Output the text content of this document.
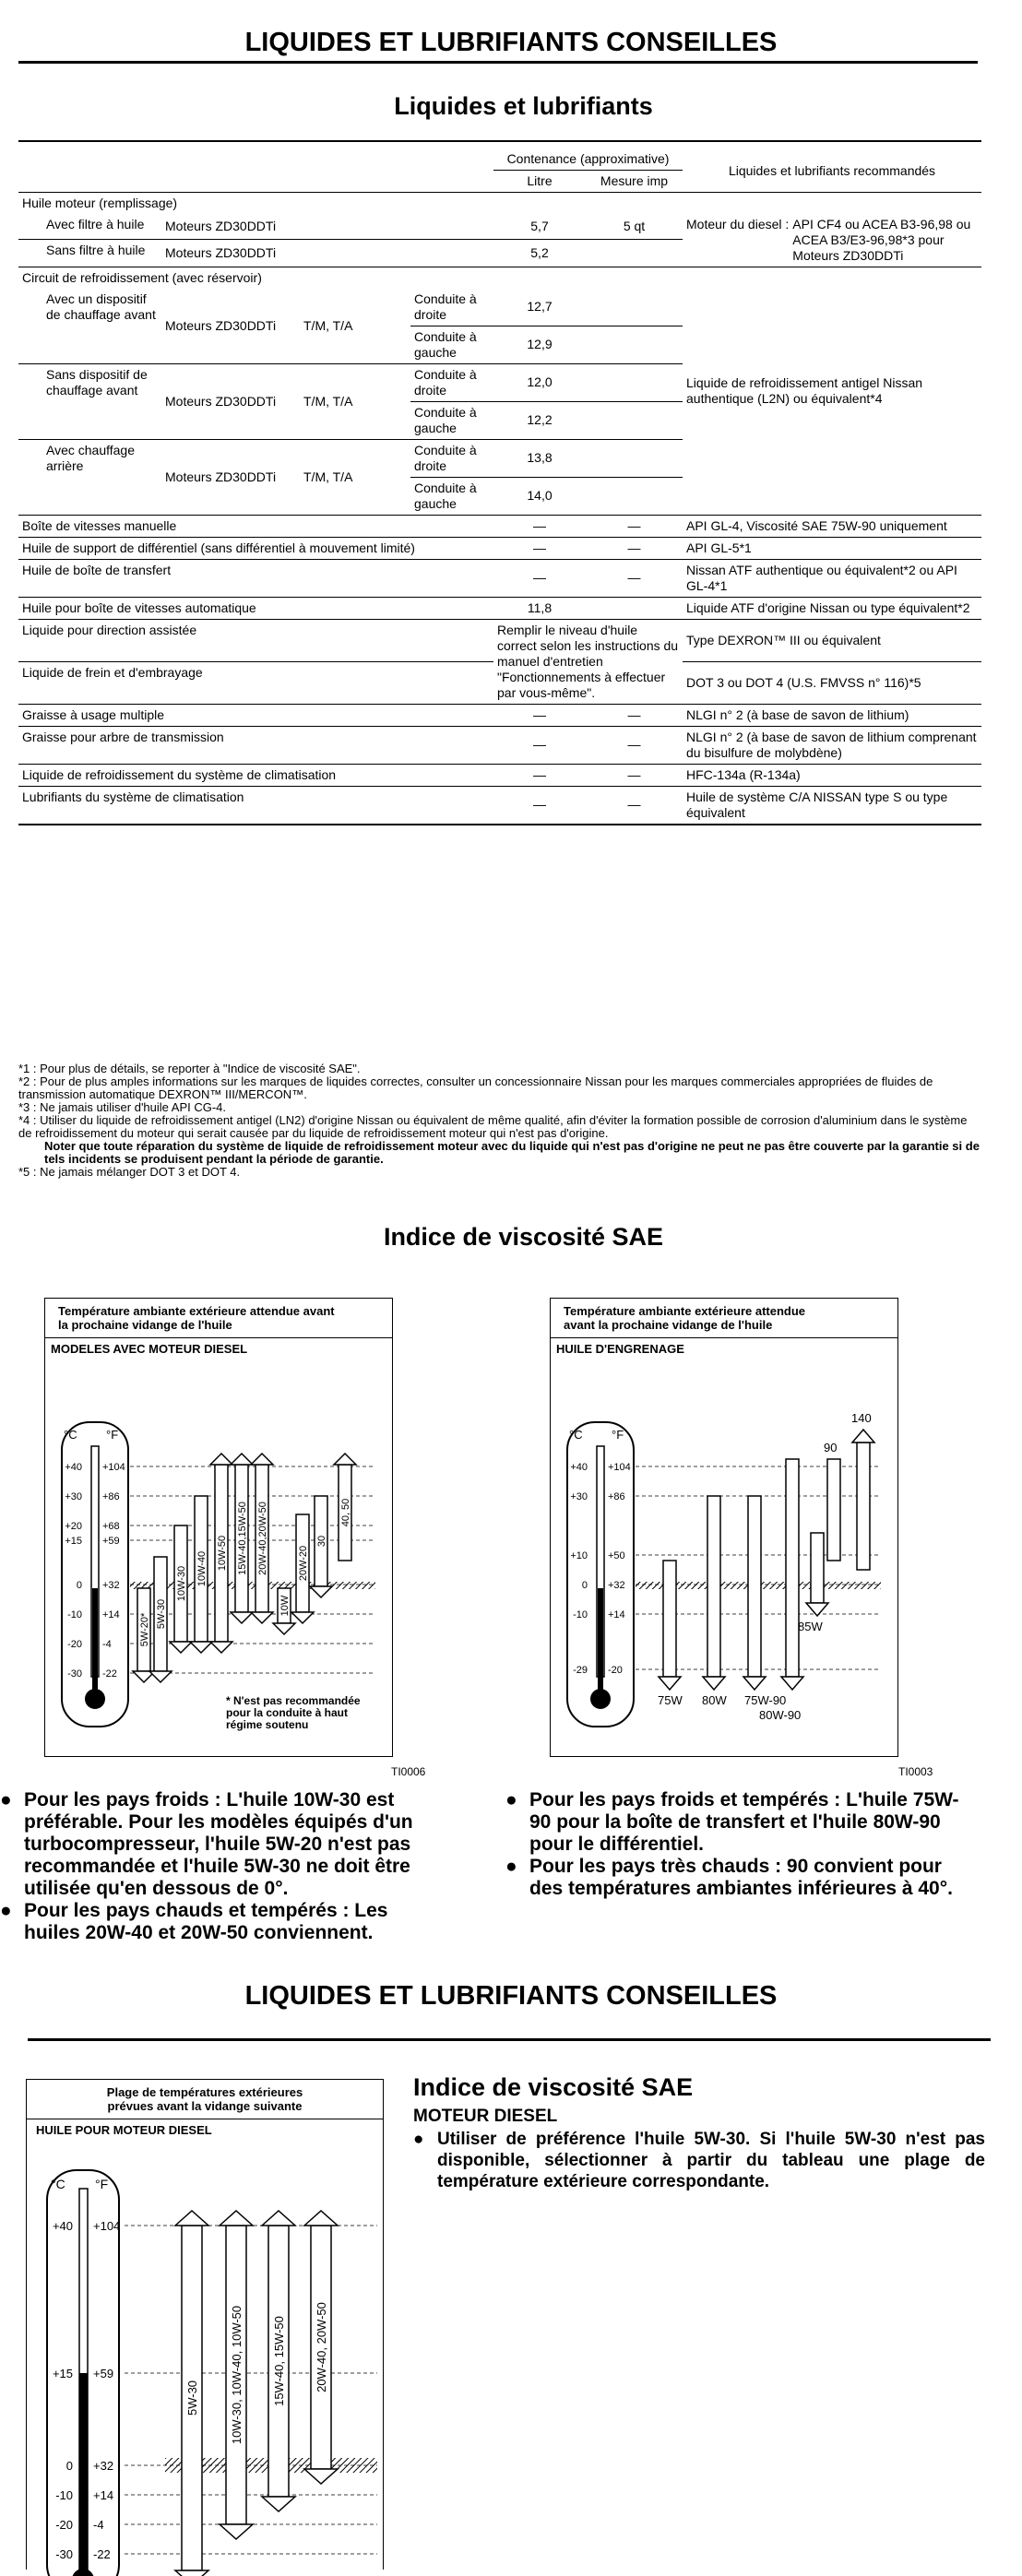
LIQUIDES ET LUBRIFIANTS CONSEILLES
Liquides et lubrifiants

				Contenance (approximative)		Liquides et lubrifiants recommandés
				Litre	Mesure imp	
Huile moteur (remplissage)						
Avec filtre à huile	Moteurs ZD30DDTi			5,7	5 qt	Moteur du diesel : API CF4 ou ACEA B3-96,98 ou ACEA B3/E3-96,98*3 pour Moteurs ZD30DDTi

Sans filtre à huile	Moteurs ZD30DDTi			5,2		
Circuit de refroidissement (avec réservoir)						Liquide de refroidissement antigel Nissan authentique (L2N) ou équivalent*4
Avec un dispositif de chauffage avant	Moteurs ZD30DDTi	T/M, T/A	Conduite à droite	12,7		
			Conduite à gauche	12,9		
Sans dispositif de chauffage avant	Moteurs ZD30DDTi	T/M, T/A	Conduite à droite	12,0		
			Conduite à gauche	12,2		
Avec chauffage arrière	Moteurs ZD30DDTi	T/M, T/A	Conduite à droite	13,8		
			Conduite à gauche	14,0		
Boîte de vitesses manuelle				—	—	API GL-4, Viscosité SAE 75W-90 uniquement
Huile de support de différentiel (sans différentiel à mouvement limité)				—	—	API GL-5*1
Huile de boîte de transfert				—	—	Nissan ATF authentique ou équivalent*2 ou API GL-4*1
Huile pour boîte de vitesses automatique				11,8		Liquide ATF d'origine Nissan ou type équivalent*2
Liquide pour direction assistée				Remplir le niveau d'huile correct selon les instructions du manuel d'entretien "Fonctionnements à effectuer par vous-même".		Type DEXRON™ III ou équivalent
Liquide de frein et d'embrayage						DOT 3 ou DOT 4 (U.S. FMVSS n° 116)*5
Graisse à usage multiple				—	—	NLGI n° 2 (à base de savon de lithium)
Graisse pour arbre de transmission				—	—	NLGI n° 2 (à base de savon de lithium comprenant du bisulfure de molybdène)
Liquide de refroidissement du système de climatisation				—	—	HFC-134a (R-134a)
Lubrifiants du système de climatisation				—	—	Huile de système C/A NISSAN type S ou type équivalent
*1 : Pour plus de détails, se reporter à "Indice de viscosité SAE".
*2 : Pour de plus amples informations sur les marques de liquides correctes, consulter un concessionnaire Nissan pour les marques commerciales appropriées de fluides de transmission automatique DEXRON™ III/MERCON™.
*3 : Ne jamais utiliser d'huile API CG-4.
*4 : Utiliser du liquide de refroidissement antigel (LN2) d'origine Nissan ou équivalent de même qualité, afin d'éviter la formation possible de corrosion d'aluminium dans le système de refroidissement du moteur qui serait causée par du liquide de refroidissement moteur qui n'est pas d'origine.
Noter que toute réparation du système de liquide de refroidissement moteur avec du liquide qui n'est pas d'origine ne peut ne pas être couverte par la garantie si de tels incidents se produisent pendant la période de garantie.
*5 : Ne jamais mélanger DOT 3 et DOT 4.
Indice de viscosité SAE
Température ambiante extérieure attendue avant
la prochaine vidange de l'huile
MODELES AVEC MOTEUR DIESEL
°C °F
+40 +104
+30 +86
+20 +68
+15 +59
0 +32
-10 +14
-20 -4
-30 -22
5W-20* 5W-30
10W-30 10W-40 10W-50 15W-40,15W-50 20W-40,20W-50
10W
20W-20
30
40, 50
* N'est pas recommandée pour la conduite à haut régime soutenu
TI0006
Température ambiante extérieure attendue
avant la prochaine vidange de l'huile
HUILE D'ENGRENAGE
°C °F
+40 +104
+30 +86
+10 +50
0 +32
-10 +14
-29 -20
75W 80W 75W-90
80W-90
85W
90
140
TI0003
● Pour les pays froids : L'huile 10W-30 est préférable. Pour les modèles équipés d'un turbocompresseur, l'huile 5W-20 n'est pas recommandée et l'huile 5W-30 ne doit être utilisée qu'en dessous de 0°.
● Pour les pays chauds et tempérés : Les huiles 20W-40 et 20W-50 conviennent.
● Pour les pays froids et tempérés : L'huile 75W-90 pour la boîte de transfert et l'huile 80W-90 pour le différentiel.
● Pour les pays très chauds : 90 convient pour des températures ambiantes inférieures à 40°.
LIQUIDES ET LUBRIFIANTS CONSEILLES
Plage de températures extérieures
prévues avant la vidange suivante
HUILE POUR MOTEUR DIESEL
°C °F
+40 +104
+15 +59
0 +32
-10 +14
-20 -4
-30 -22
5W-30	10W-30, 10W-40, 10W-50 15W-40, 15W-50 20W-40, 20W-50
Indice de viscosité SAE
MOTEUR DIESEL
● Utiliser de préférence l'huile 5W-30. Si l'huile 5W-30 n'est pas disponible, sélectionner à partir du tableau une plage de température extérieure correspondante.
